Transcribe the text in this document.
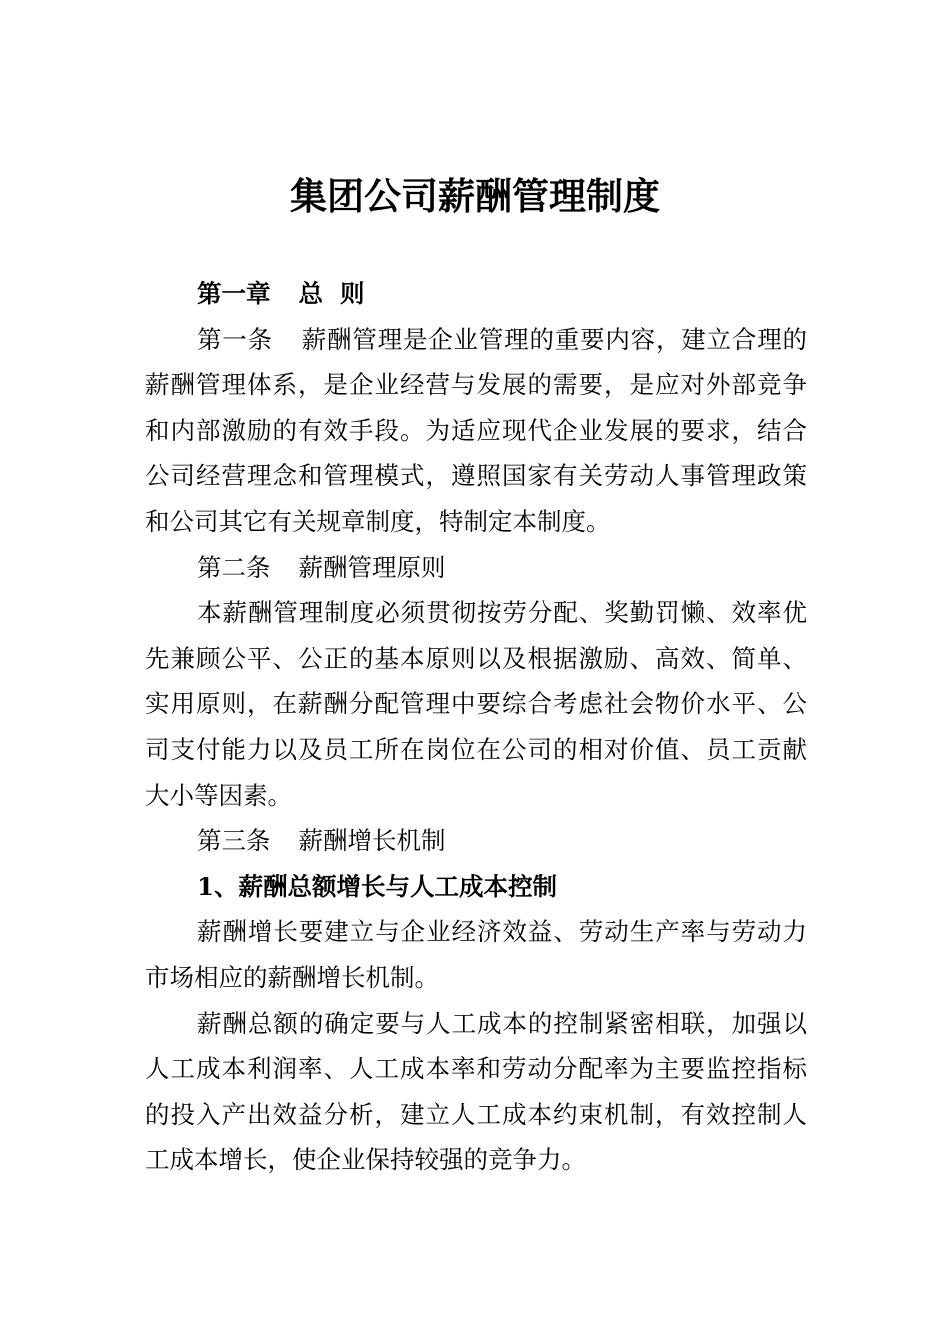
集团公司薪酬管理制度
第一章 总  则
第一条 薪酬管理是企业管理的重要内容，建立合理的
薪酬管理体系，是企业经营与发展的需要，是应对外部竞争
和内部激励的有效手段。为适应现代企业发展的要求，结合
公司经营理念和管理模式，遵照国家有关劳动人事管理政策
和公司其它有关规章制度，特制定本制度。
第二条 薪酬管理原则
本薪酬管理制度必须贯彻按劳分配、奖勤罚懒、效率优
先兼顾公平、公正的基本原则以及根据激励、高效、简单、
实用原则，在薪酬分配管理中要综合考虑社会物价水平、公
司支付能力以及员工所在岗位在公司的相对价值、员工贡献
大小等因素。
第三条 薪酬增长机制
1、薪酬总额增长与人工成本控制
薪酬增长要建立与企业经济效益、劳动生产率与劳动力
市场相应的薪酬增长机制。
薪酬总额的确定要与人工成本的控制紧密相联，加强以
人工成本利润率、人工成本率和劳动分配率为主要监控指标
的投入产出效益分析，建立人工成本约束机制，有效控制人
工成本增长，使企业保持较强的竞争力。
